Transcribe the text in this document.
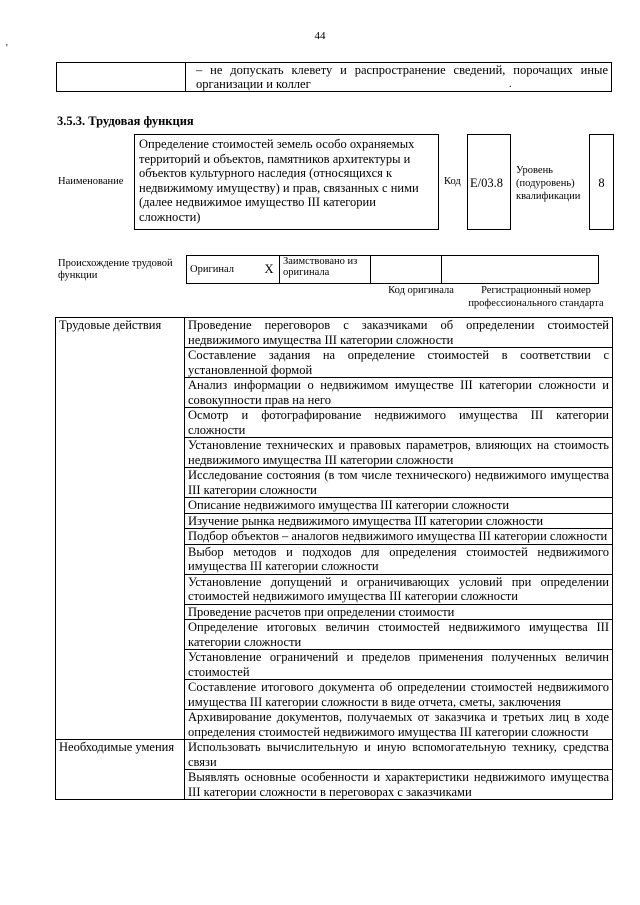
44
'
.
	– не допускать клевету и распространение сведений, порочащих иные организации и коллег
3.5.3. Трудовая функция
Наименование
Определение стоимостей земель особо охраняемых территорий и объектов, памятников архитектуры и объектов культурного наследия (относящихся к недвижимому имуществу) и прав, связанных с ними (далее недвижимое имущество III категории сложности)
Код E/03.8
Уровень (подуровень) квалификации
8
Происхождение трудовой функции
Оригинал	X	Заимствовано из оригинала		
Код оригинала	Регистрационный номер профессионального стандарта
Трудовые действия	Проведение переговоров с заказчиками об определении стоимостей недвижимого имущества III категории сложности
	Составление задания на определение стоимостей в соответствии с установленной формой
	Анализ информации о недвижимом имуществе III категории сложности и совокупности прав на него
	Осмотр и фотографирование недвижимого имущества III категории сложности
	Установление технических и правовых параметров, влияющих на стоимость недвижимого имущества III категории сложности
	Исследование состояния (в том числе технического) недвижимого имущества III категории сложности
	Описание недвижимого имущества III категории сложности
	Изучение рынка недвижимого имущества III категории сложности
	Подбор объектов – аналогов недвижимого имущества III категории сложности
	Выбор методов и подходов для определения стоимостей недвижимого имущества III категории сложности
	Установление допущений и ограничивающих условий при определении стоимостей недвижимого имущества III категории сложности
	Проведение расчетов при определении стоимости
	Определение итоговых величин стоимостей недвижимого имущества III категории сложности
	Установление ограничений и пределов применения полученных величин стоимостей
	Составление итогового документа об определении стоимостей недвижимого имущества III категории сложности в виде отчета, сметы, заключения
	Архивирование документов, получаемых от заказчика и третьих лиц в ходе определения стоимостей недвижимого имущества III категории сложности
Необходимые умения	Использовать вычислительную и иную вспомогательную технику, средства связи
	Выявлять основные особенности и характеристики недвижимого имущества III категории сложности в переговорах с заказчиками
